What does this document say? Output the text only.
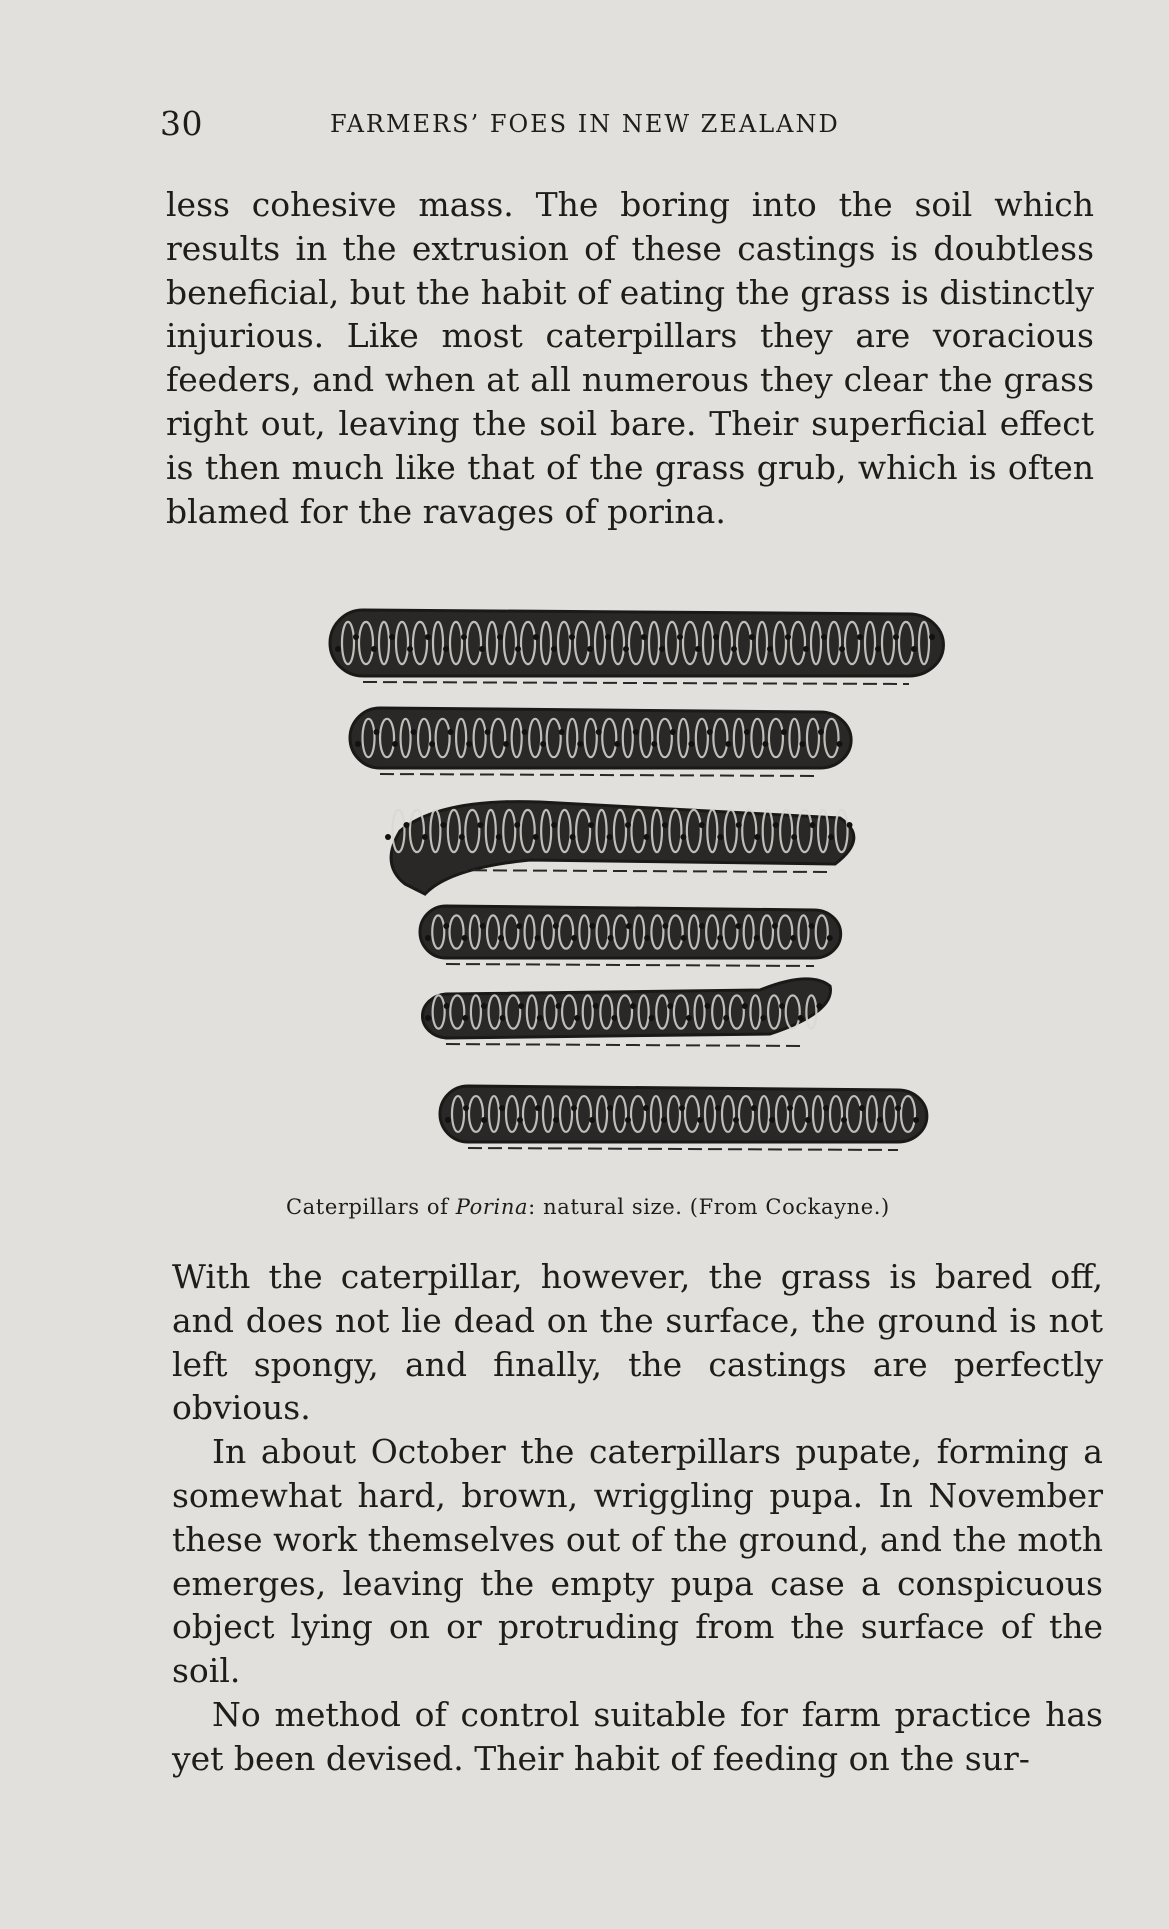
30	FARMERS’ FOES IN NEW ZEALAND

less cohesive mass. The boring into the soil which results in the extrusion of these castings is doubtless beneficial, but the habit of eating the grass is distinctly injurious. Like most caterpillars they are voracious feeders, and when at all numerous they clear the grass right out, leaving the soil bare. Their superficial effect is then much like that of the grass grub, which is often blamed for the ravages of porina.

Caterpillars of Porina: natural size. (From Cockayne.)

With the caterpillar, however, the grass is bared off, and does not lie dead on the surface, the ground is not left spongy, and finally, the castings are perfectly obvious.

In about October the caterpillars pupate, forming a somewhat hard, brown, wriggling pupa. In November these work themselves out of the ground, and the moth emerges, leaving the empty pupa case a conspicuous object lying on or protruding from the surface of the soil.

No method of control suitable for farm practice has yet been devised. Their habit of feeding on the sur-
